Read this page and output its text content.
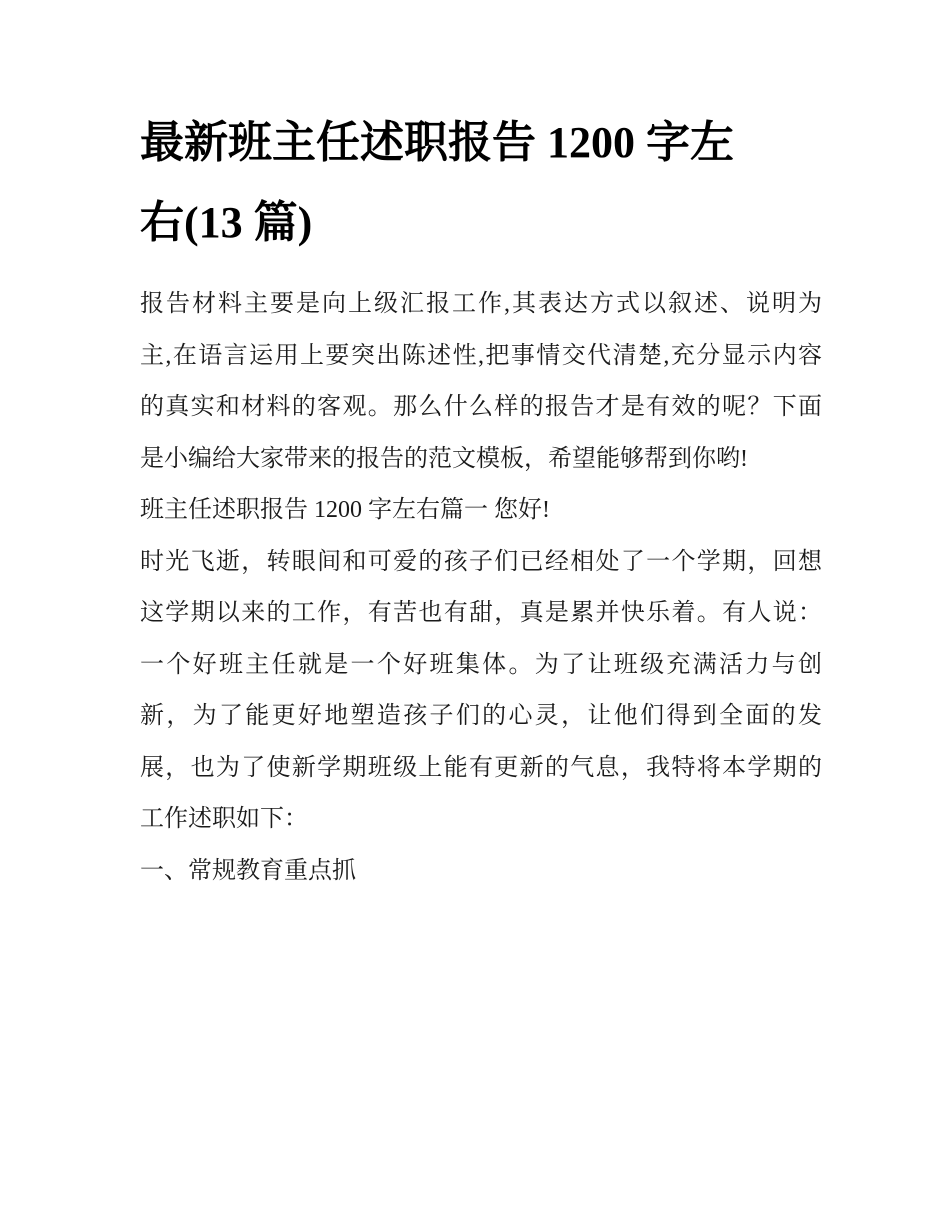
最新班主任述职报告 1200 字左
右(13 篇)
报告材料主要是向上级汇报工作,其表达方式以叙述、说明为
主,在语言运用上要突出陈述性,把事情交代清楚,充分显示内容
的真实和材料的客观。那么什么样的报告才是有效的呢？下面
是小编给大家带来的报告的范文模板，希望能够帮到你哟!
班主任述职报告 1200 字左右篇一 您好!
时光飞逝，转眼间和可爱的孩子们已经相处了一个学期，回想
这学期以来的工作，有苦也有甜，真是累并快乐着。有人说：
一个好班主任就是一个好班集体。为了让班级充满活力与创
新，为了能更好地塑造孩子们的心灵，让他们得到全面的发
展，也为了使新学期班级上能有更新的气息，我特将本学期的
工作述职如下：
一、常规教育重点抓
